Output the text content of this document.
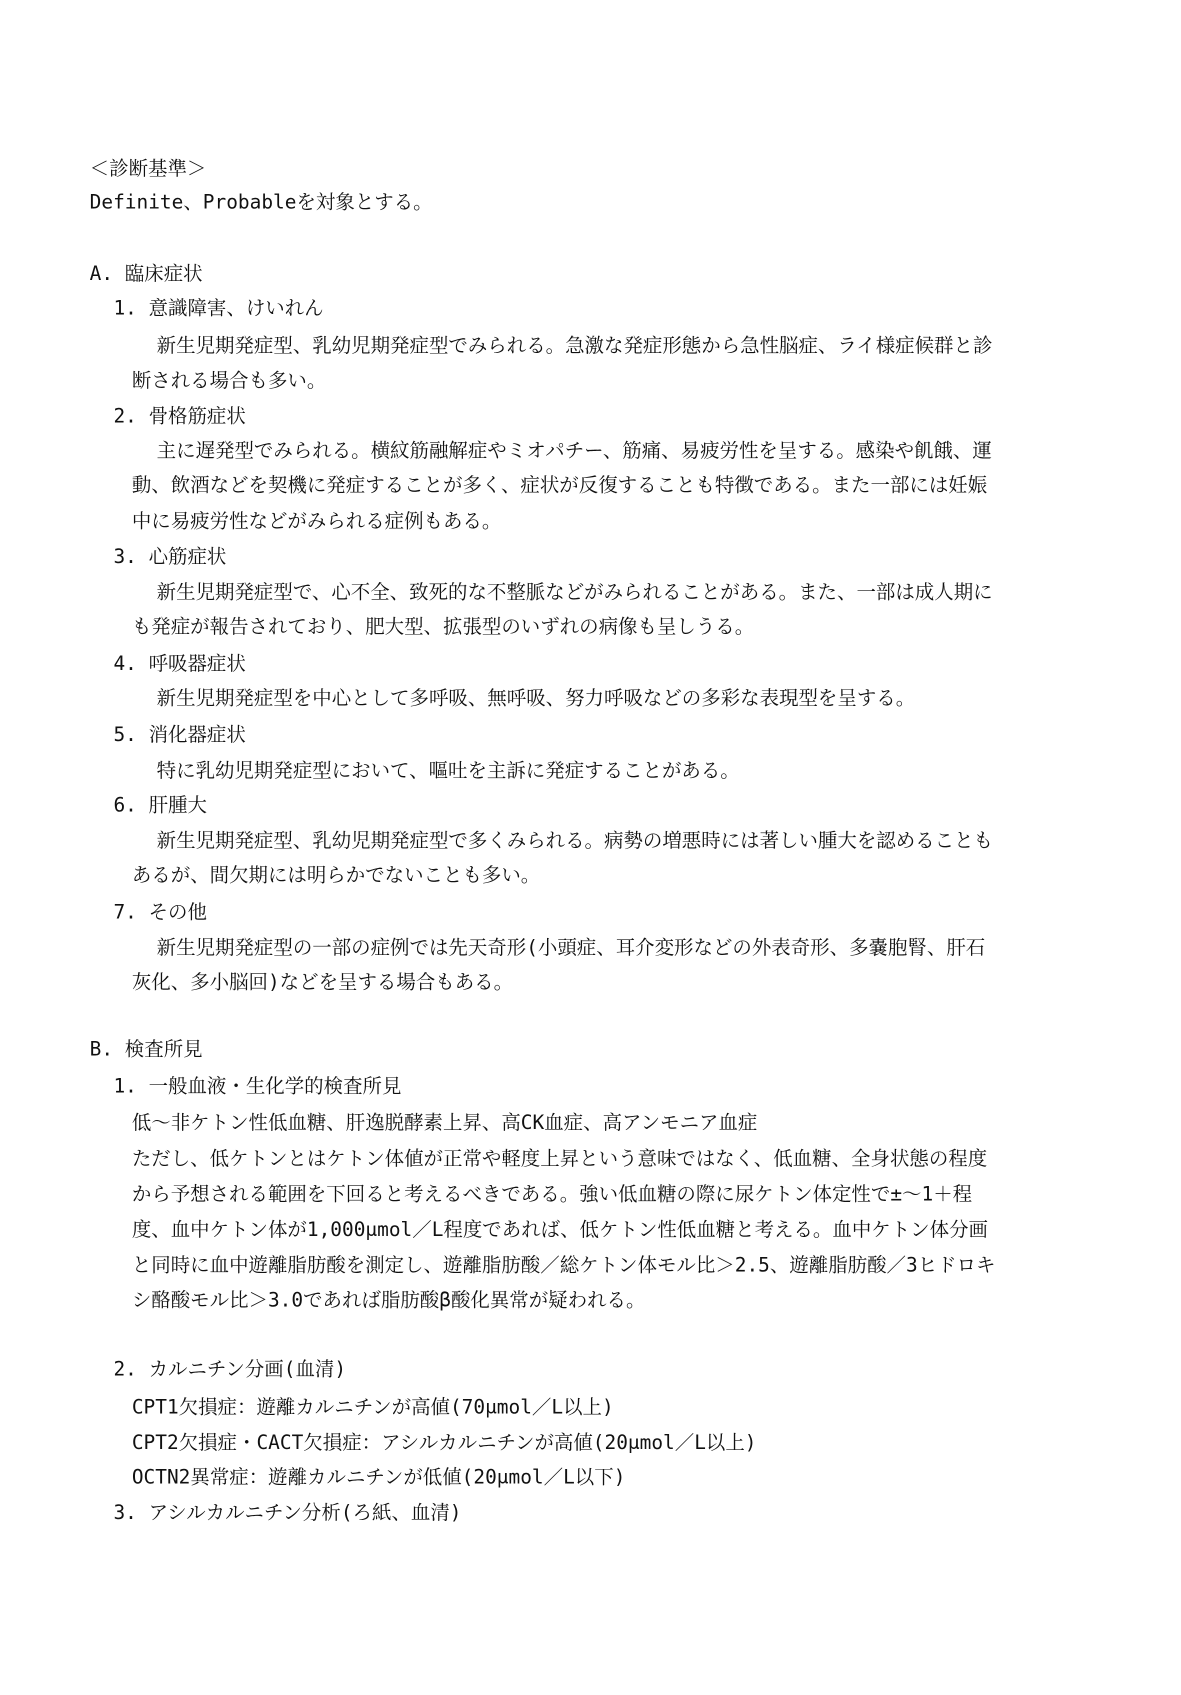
＜診断基準＞
Definite、Probableを対象とする。
A. 臨床症状
1. 意識障害、けいれん
新生児期発症型、乳幼児期発症型でみられる。急激な発症形態から急性脳症、ライ様症候群と診
断される場合も多い。
2. 骨格筋症状
主に遅発型でみられる。横紋筋融解症やミオパチー、筋痛、易疲労性を呈する。感染や飢餓、運
動、飲酒などを契機に発症することが多く、症状が反復することも特徴である。また一部には妊娠
中に易疲労性などがみられる症例もある。
3. 心筋症状
新生児期発症型で、心不全、致死的な不整脈などがみられることがある。また、一部は成人期に
も発症が報告されており、肥大型、拡張型のいずれの病像も呈しうる。
4. 呼吸器症状
新生児期発症型を中心として多呼吸、無呼吸、努力呼吸などの多彩な表現型を呈する。
5. 消化器症状
特に乳幼児期発症型において、嘔吐を主訴に発症することがある。
6. 肝腫大
新生児期発症型、乳幼児期発症型で多くみられる。病勢の増悪時には著しい腫大を認めることも
あるが、間欠期には明らかでないことも多い。
7. その他
新生児期発症型の一部の症例では先天奇形(小頭症、耳介変形などの外表奇形、多嚢胞腎、肝石
灰化、多小脳回)などを呈する場合もある。
B. 検査所見
1. 一般血液・生化学的検査所見
低～非ケトン性低血糖、肝逸脱酵素上昇、高CK血症、高アンモニア血症
ただし、低ケトンとはケトン体値が正常や軽度上昇という意味ではなく、低血糖、全身状態の程度
から予想される範囲を下回ると考えるべきである。強い低血糖の際に尿ケトン体定性で±～1＋程
度、血中ケトン体が1,000μmol／L程度であれば、低ケトン性低血糖と考える。血中ケトン体分画
と同時に血中遊離脂肪酸を測定し、遊離脂肪酸／総ケトン体モル比＞2.5、遊離脂肪酸／3ヒドロキ
シ酪酸モル比＞3.0であれば脂肪酸β酸化異常が疑われる。
2. カルニチン分画(血清)
CPT1欠損症：遊離カルニチンが高値(70μmol／L以上)
CPT2欠損症・CACT欠損症：アシルカルニチンが高値(20μmol／L以上)
OCTN2異常症：遊離カルニチンが低値(20μmol／L以下)
3. アシルカルニチン分析(ろ紙、血清)
